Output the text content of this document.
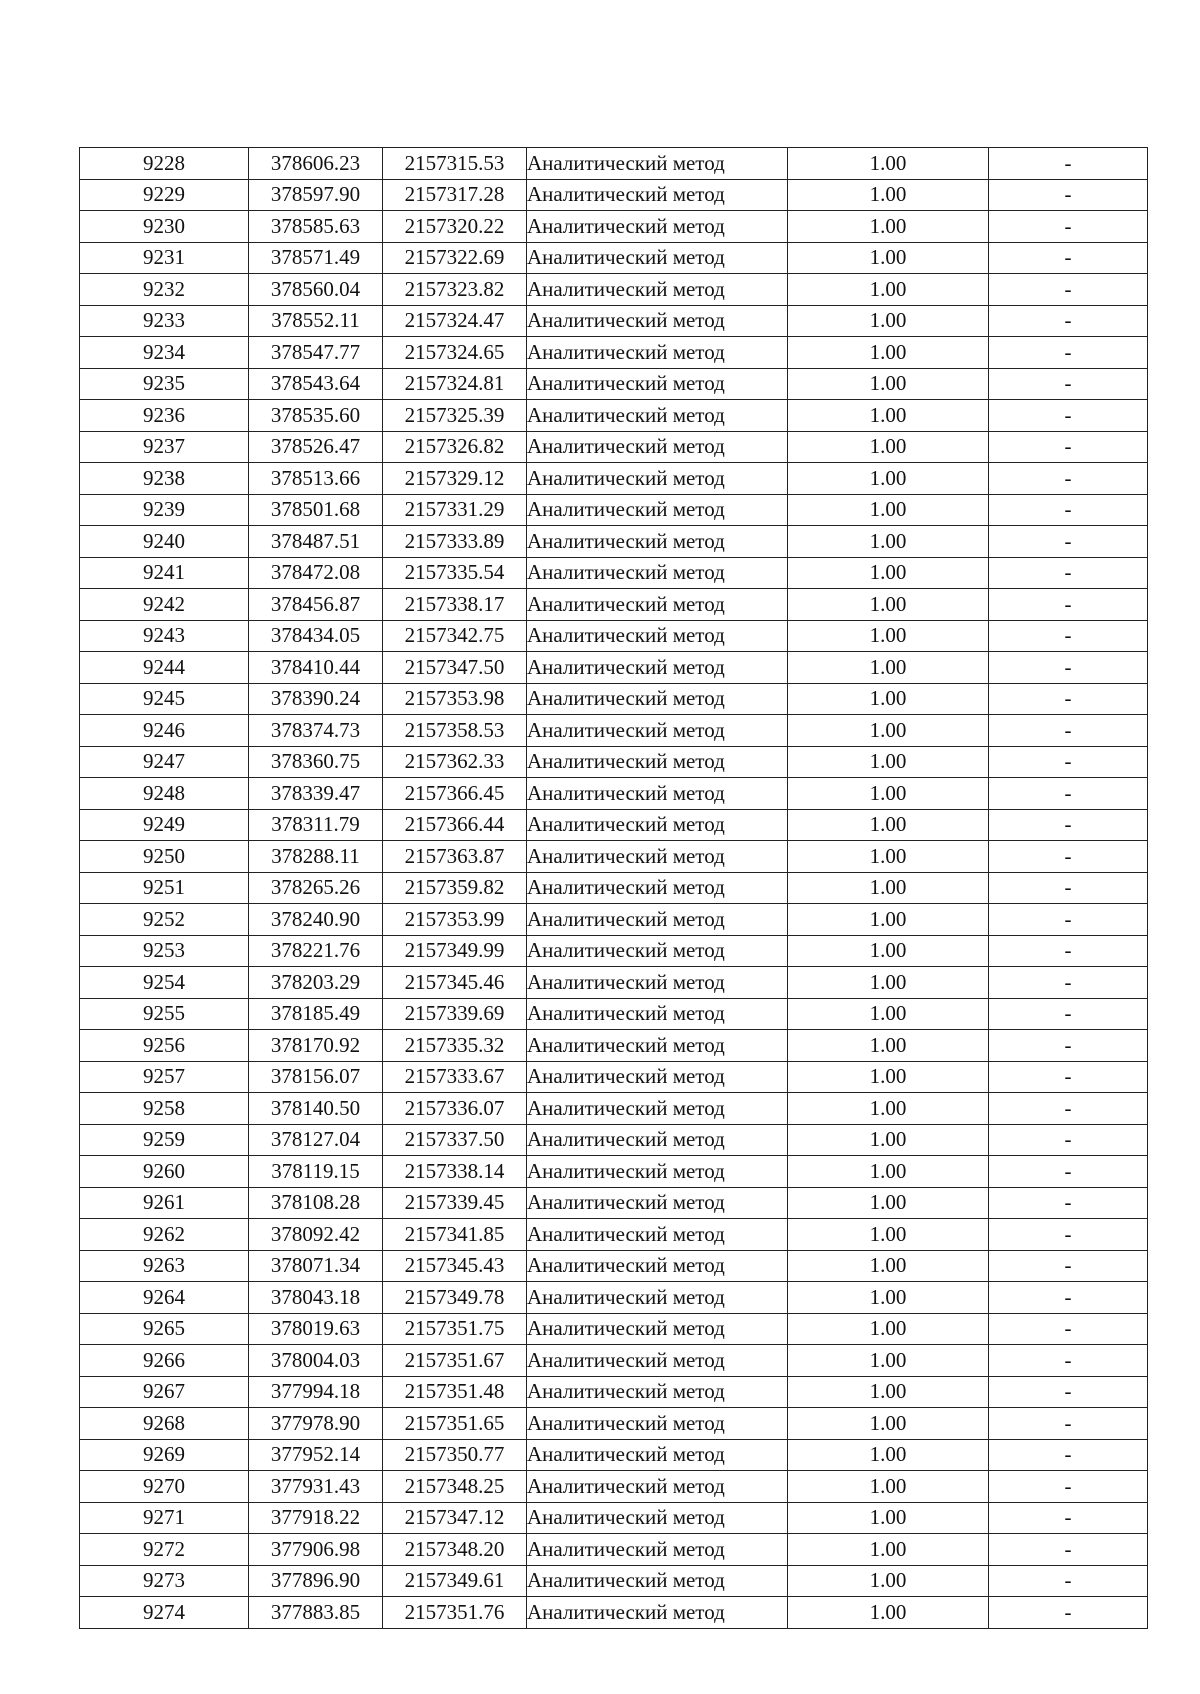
9228	378606.23	2157315.53	Аналитический метод	1.00	-
9229	378597.90	2157317.28	Аналитический метод	1.00	-
9230	378585.63	2157320.22	Аналитический метод	1.00	-
9231	378571.49	2157322.69	Аналитический метод	1.00	-
9232	378560.04	2157323.82	Аналитический метод	1.00	-
9233	378552.11	2157324.47	Аналитический метод	1.00	-
9234	378547.77	2157324.65	Аналитический метод	1.00	-
9235	378543.64	2157324.81	Аналитический метод	1.00	-
9236	378535.60	2157325.39	Аналитический метод	1.00	-
9237	378526.47	2157326.82	Аналитический метод	1.00	-
9238	378513.66	2157329.12	Аналитический метод	1.00	-
9239	378501.68	2157331.29	Аналитический метод	1.00	-
9240	378487.51	2157333.89	Аналитический метод	1.00	-
9241	378472.08	2157335.54	Аналитический метод	1.00	-
9242	378456.87	2157338.17	Аналитический метод	1.00	-
9243	378434.05	2157342.75	Аналитический метод	1.00	-
9244	378410.44	2157347.50	Аналитический метод	1.00	-
9245	378390.24	2157353.98	Аналитический метод	1.00	-
9246	378374.73	2157358.53	Аналитический метод	1.00	-
9247	378360.75	2157362.33	Аналитический метод	1.00	-
9248	378339.47	2157366.45	Аналитический метод	1.00	-
9249	378311.79	2157366.44	Аналитический метод	1.00	-
9250	378288.11	2157363.87	Аналитический метод	1.00	-
9251	378265.26	2157359.82	Аналитический метод	1.00	-
9252	378240.90	2157353.99	Аналитический метод	1.00	-
9253	378221.76	2157349.99	Аналитический метод	1.00	-
9254	378203.29	2157345.46	Аналитический метод	1.00	-
9255	378185.49	2157339.69	Аналитический метод	1.00	-
9256	378170.92	2157335.32	Аналитический метод	1.00	-
9257	378156.07	2157333.67	Аналитический метод	1.00	-
9258	378140.50	2157336.07	Аналитический метод	1.00	-
9259	378127.04	2157337.50	Аналитический метод	1.00	-
9260	378119.15	2157338.14	Аналитический метод	1.00	-
9261	378108.28	2157339.45	Аналитический метод	1.00	-
9262	378092.42	2157341.85	Аналитический метод	1.00	-
9263	378071.34	2157345.43	Аналитический метод	1.00	-
9264	378043.18	2157349.78	Аналитический метод	1.00	-
9265	378019.63	2157351.75	Аналитический метод	1.00	-
9266	378004.03	2157351.67	Аналитический метод	1.00	-
9267	377994.18	2157351.48	Аналитический метод	1.00	-
9268	377978.90	2157351.65	Аналитический метод	1.00	-
9269	377952.14	2157350.77	Аналитический метод	1.00	-
9270	377931.43	2157348.25	Аналитический метод	1.00	-
9271	377918.22	2157347.12	Аналитический метод	1.00	-
9272	377906.98	2157348.20	Аналитический метод	1.00	-
9273	377896.90	2157349.61	Аналитический метод	1.00	-
9274	377883.85	2157351.76	Аналитический метод	1.00	-
